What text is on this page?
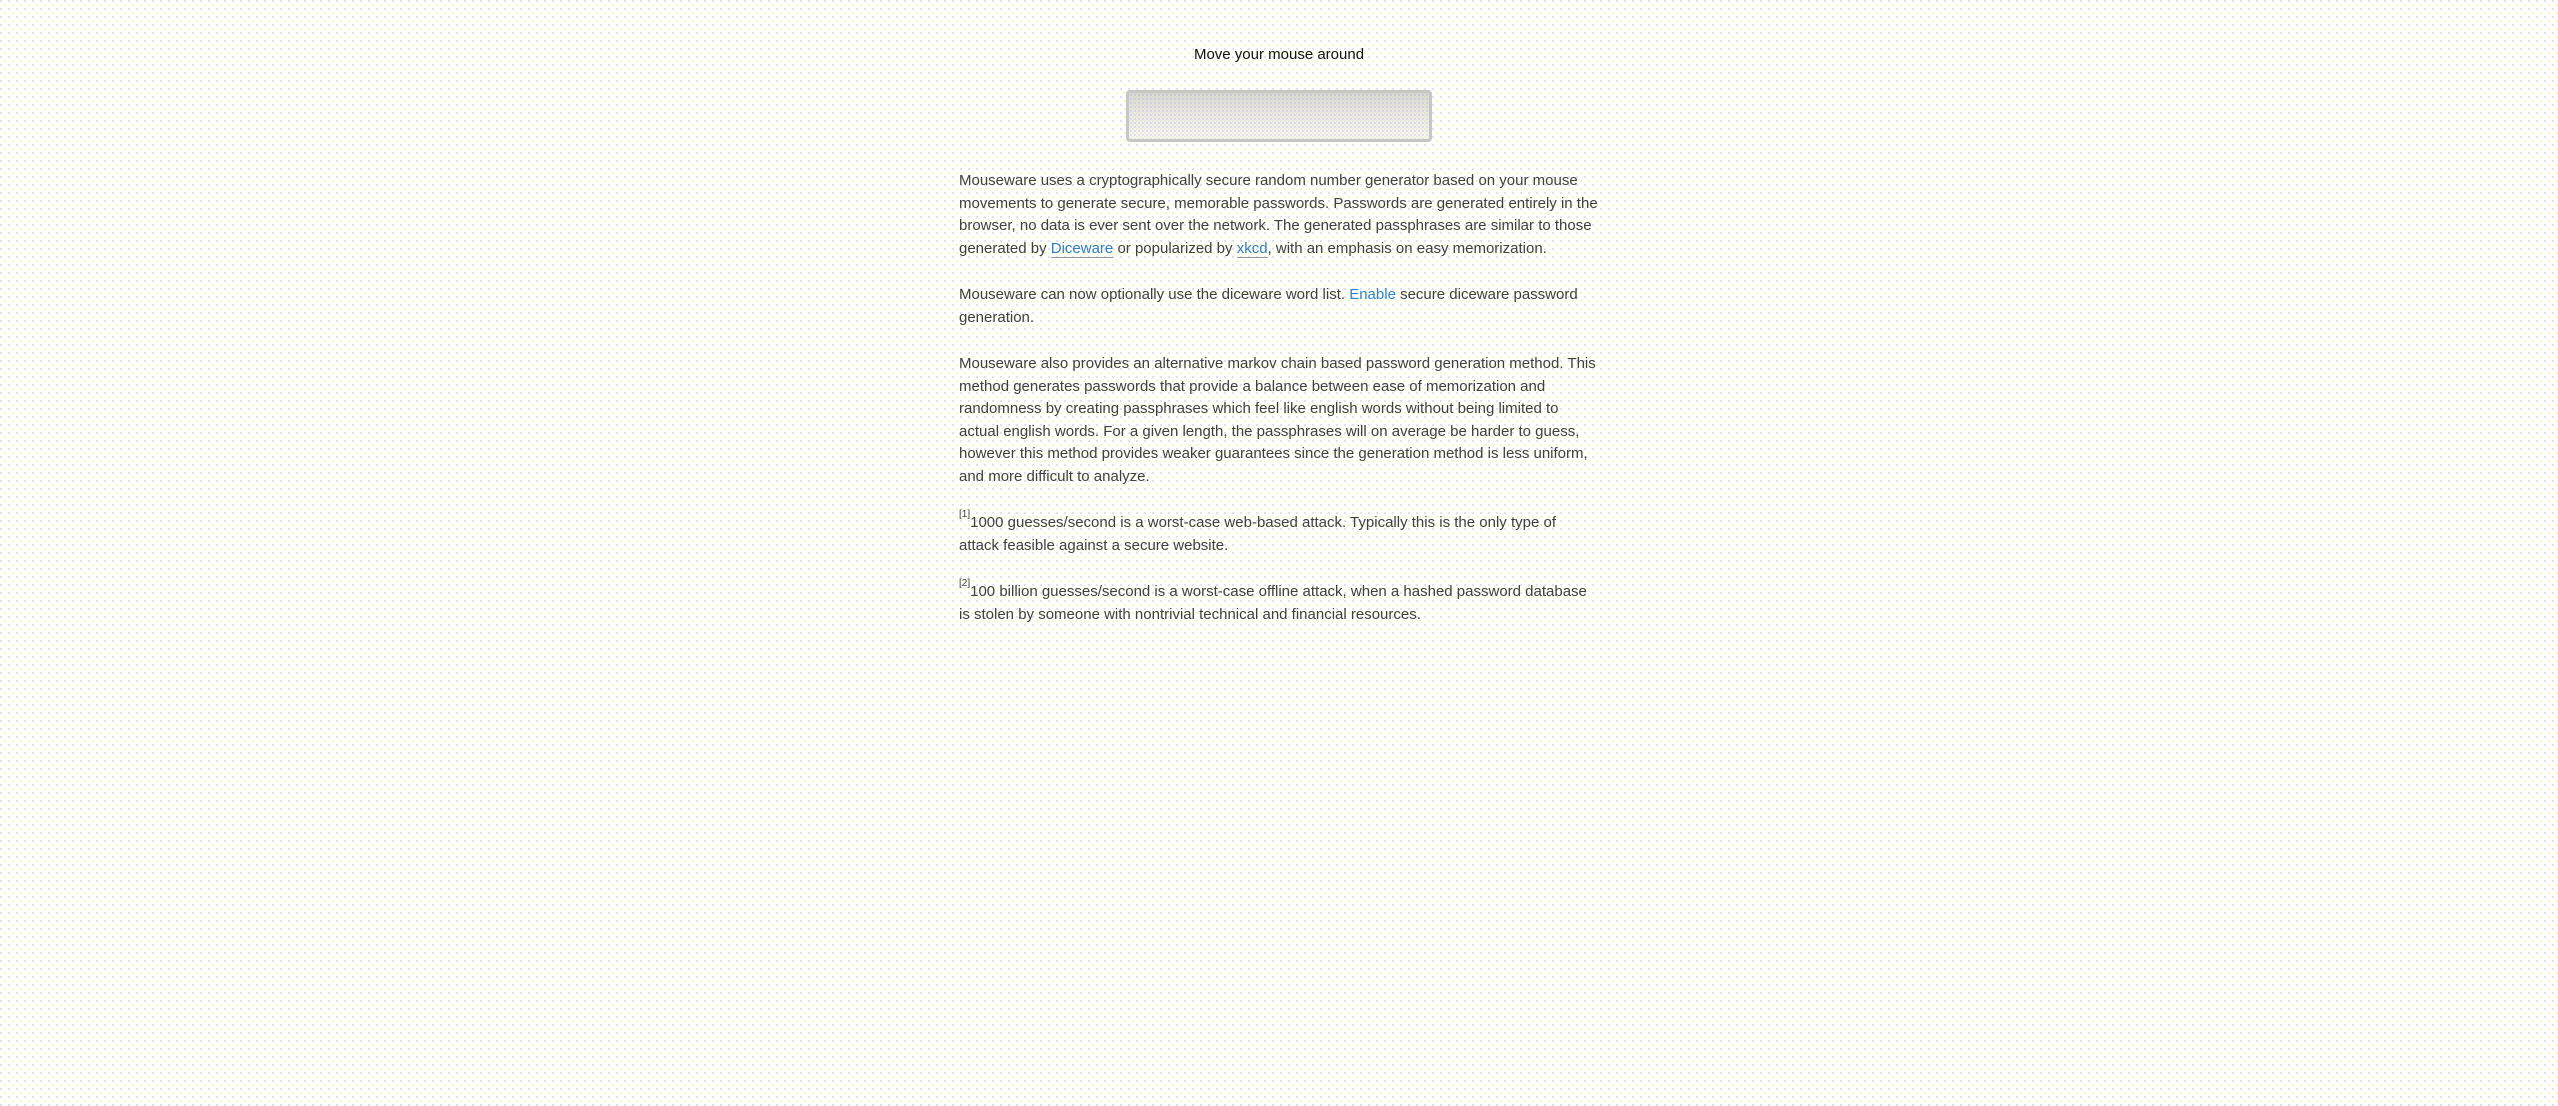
Move your mouse around

Mouseware uses a cryptographically secure random number generator based on your mouse movements to generate secure, memorable passwords. Passwords are generated entirely in the browser, no data is ever sent over the network. The generated passphrases are similar to those generated by Diceware or popularized by xkcd, with an emphasis on easy memorization.

Mouseware can now optionally use the diceware word list. Enable secure diceware password generation.

Mouseware also provides an alternative markov chain based password generation method. This method generates passwords that provide a balance between ease of memorization and randomness by creating passphrases which feel like english words without being limited to actual english words. For a given length, the passphrases will on average be harder to guess, however this method provides weaker guarantees since the generation method is less uniform, and more difficult to analyze.

[1]1000 guesses/second is a worst-case web-based attack. Typically this is the only type of attack feasible against a secure website.

[2]100 billion guesses/second is a worst-case offline attack, when a hashed password database is stolen by someone with nontrivial technical and financial resources.
